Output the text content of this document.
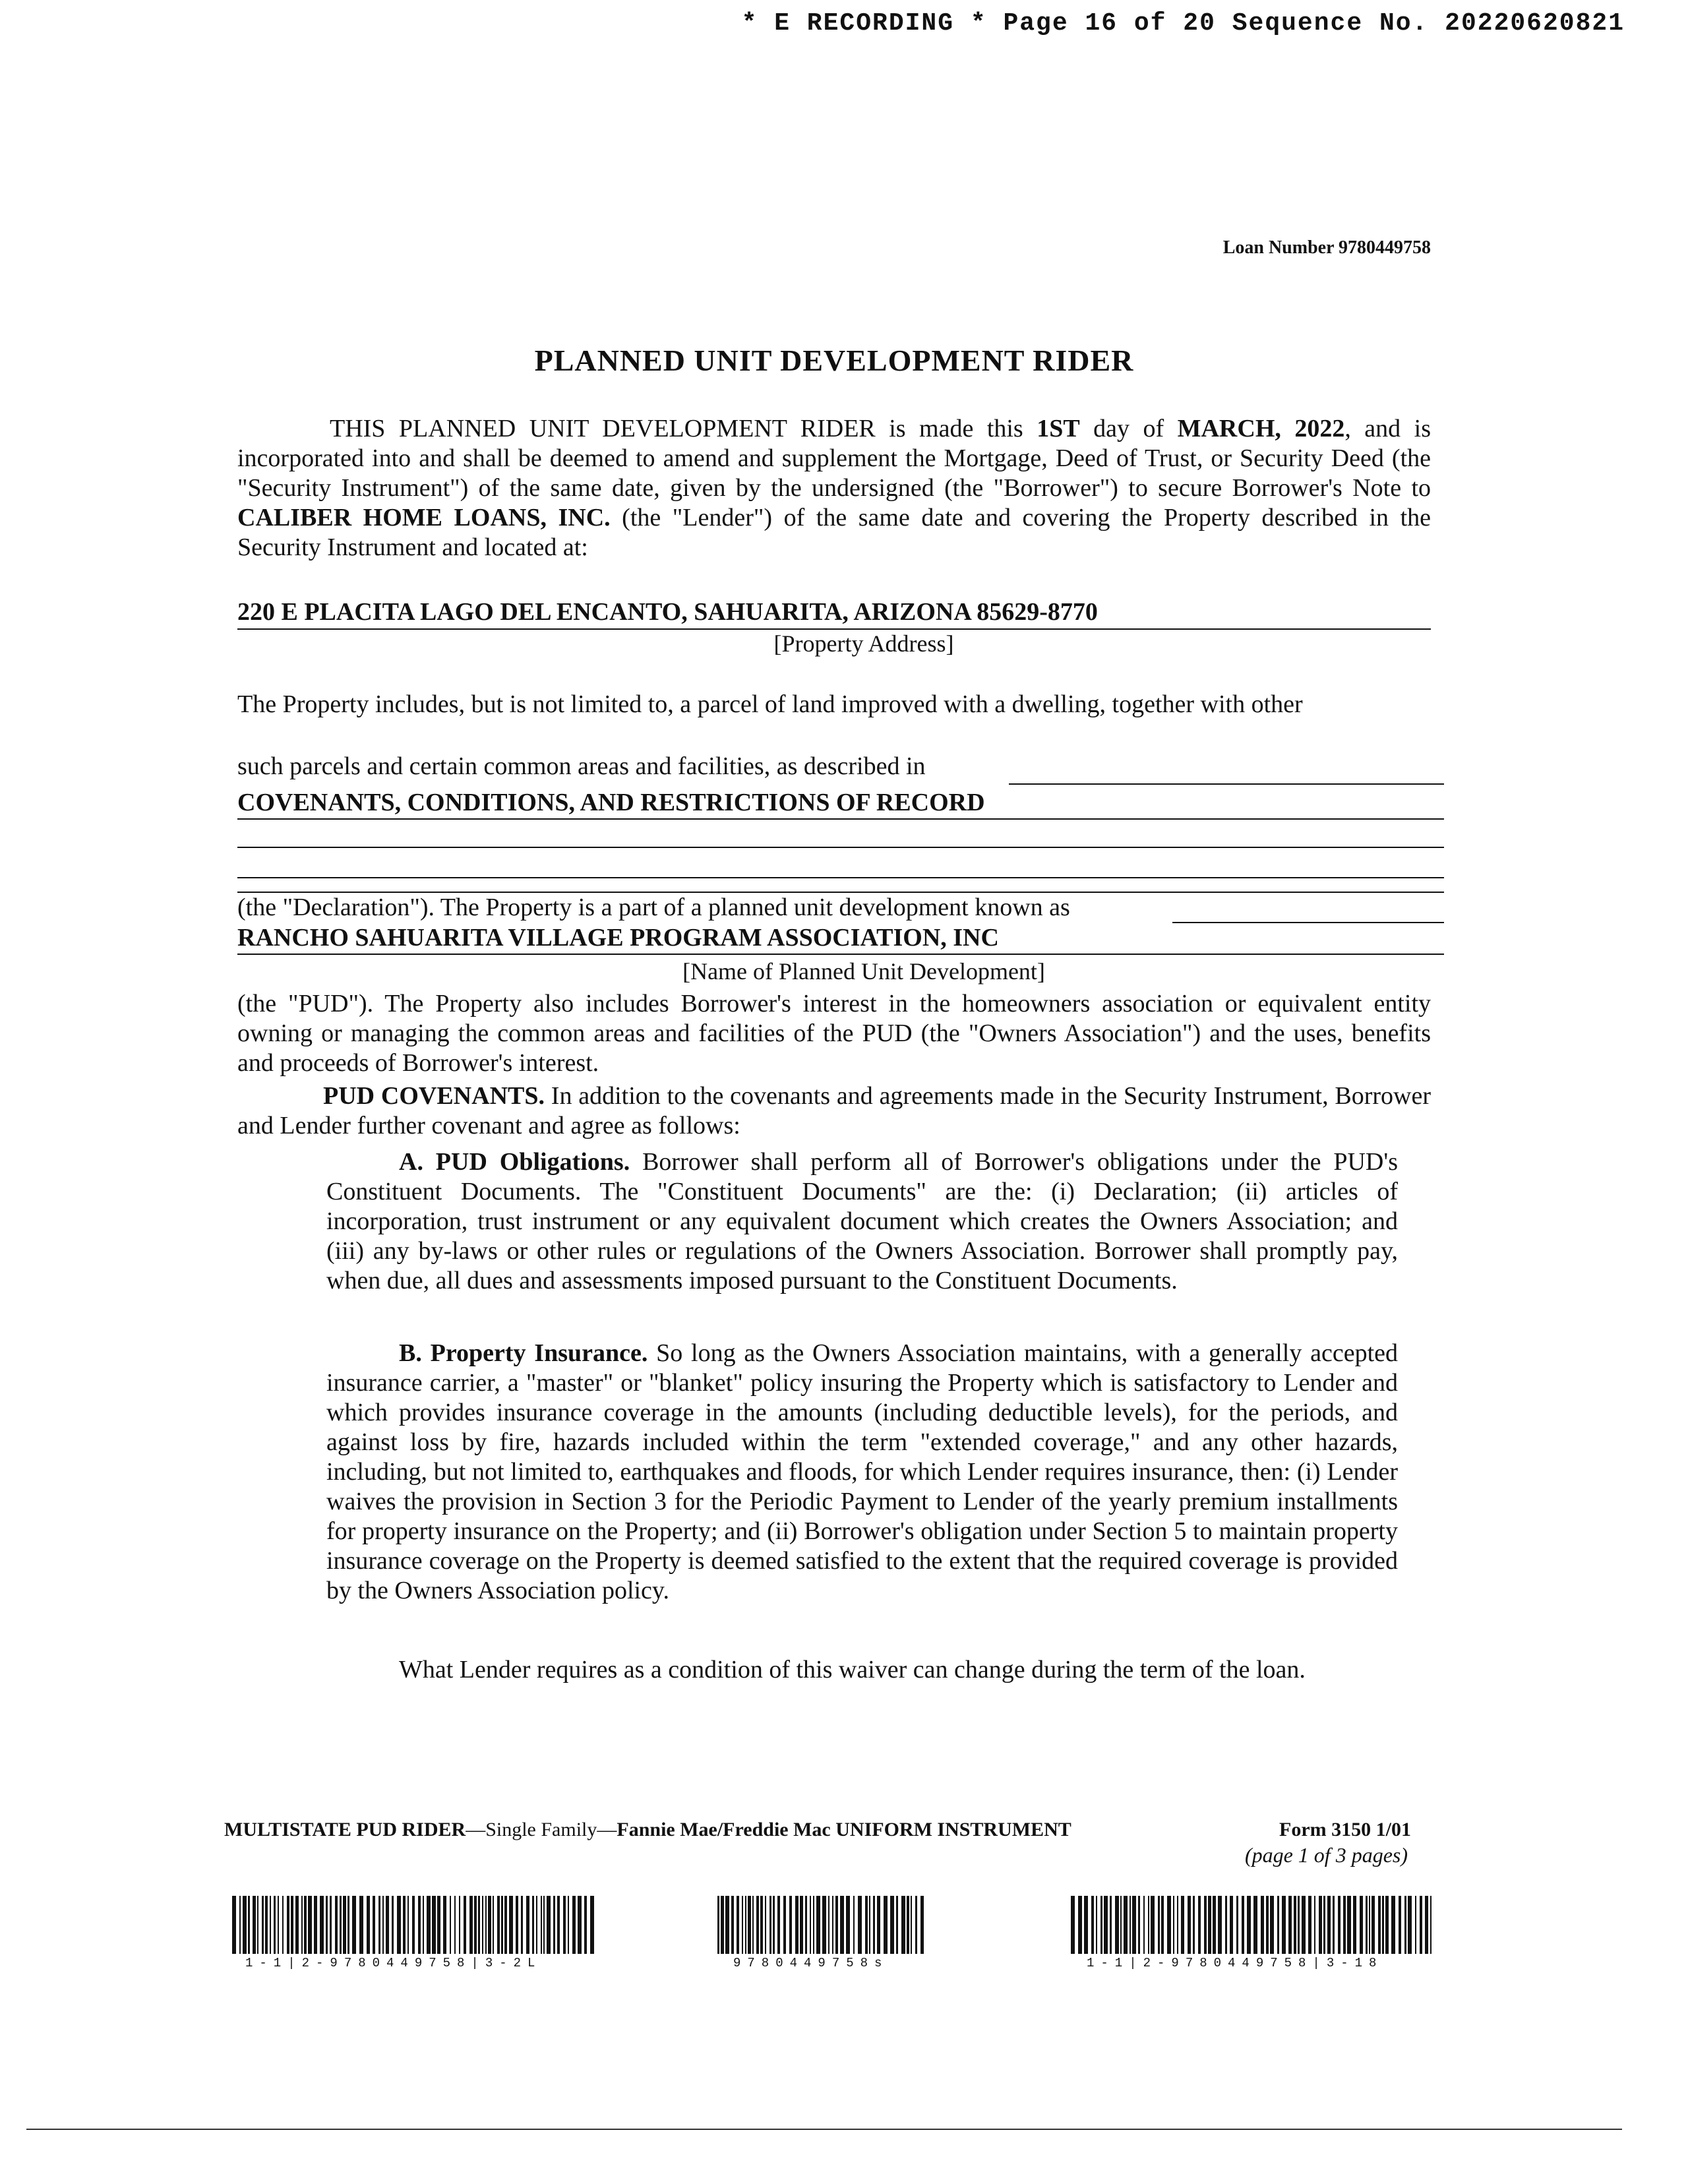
* E RECORDING * Page 16 of 20 Sequence No. 20220620821
Loan Number 9780449758
PLANNED UNIT DEVELOPMENT RIDER
THIS PLANNED UNIT DEVELOPMENT RIDER is made this 1ST day of MARCH, 2022, and is incorporated into and shall be deemed to amend and supplement the Mortgage, Deed of Trust, or Security Deed (the "Security Instrument") of the same date, given by the undersigned (the "Borrower") to secure Borrower's Note to CALIBER HOME LOANS, INC. (the "Lender") of the same date and covering the Property described in the Security Instrument and located at:
220 E PLACITA LAGO DEL ENCANTO, SAHUARITA, ARIZONA 85629-8770
[Property Address]
The Property includes, but is not limited to, a parcel of land improved with a dwelling, together with other
such parcels and certain common areas and facilities, as described in
COVENANTS, CONDITIONS, AND RESTRICTIONS OF RECORD
(the "Declaration"). The Property is a part of a planned unit development known as
RANCHO SAHUARITA VILLAGE PROGRAM ASSOCIATION, INC
[Name of Planned Unit Development]
(the "PUD"). The Property also includes Borrower's interest in the homeowners association or equivalent entity owning or managing the common areas and facilities of the PUD (the "Owners Association") and the uses, benefits and proceeds of Borrower's interest.
PUD COVENANTS. In addition to the covenants and agreements made in the Security Instrument, Borrower and Lender further covenant and agree as follows:
A. PUD Obligations. Borrower shall perform all of Borrower's obligations under the PUD's Constituent Documents. The "Constituent Documents" are the: (i) Declaration; (ii) articles of incorporation, trust instrument or any equivalent document which creates the Owners Association; and (iii) any by-laws or other rules or regulations of the Owners Association. Borrower shall promptly pay, when due, all dues and assessments imposed pursuant to the Constituent Documents.
B. Property Insurance. So long as the Owners Association maintains, with a generally accepted insurance carrier, a "master" or "blanket" policy insuring the Property which is satisfactory to Lender and which provides insurance coverage in the amounts (including deductible levels), for the periods, and against loss by fire, hazards included within the term "extended coverage," and any other hazards, including, but not limited to, earthquakes and floods, for which Lender requires insurance, then: (i) Lender waives the provision in Section 3 for the Periodic Payment to Lender of the yearly premium installments for property insurance on the Property; and (ii) Borrower's obligation under Section 5 to maintain property insurance coverage on the Property is deemed satisfied to the extent that the required coverage is provided by the Owners Association policy.
What Lender requires as a condition of this waiver can change during the term of the loan.
MULTISTATE PUD RIDER—Single Family—Fannie Mae/Freddie Mac UNIFORM INSTRUMENT	Form 3150 1/01
(page 1 of 3 pages)
1-1|2-9780449758|3-2L	9780449758s	1-1|2-9780449758|3-18
